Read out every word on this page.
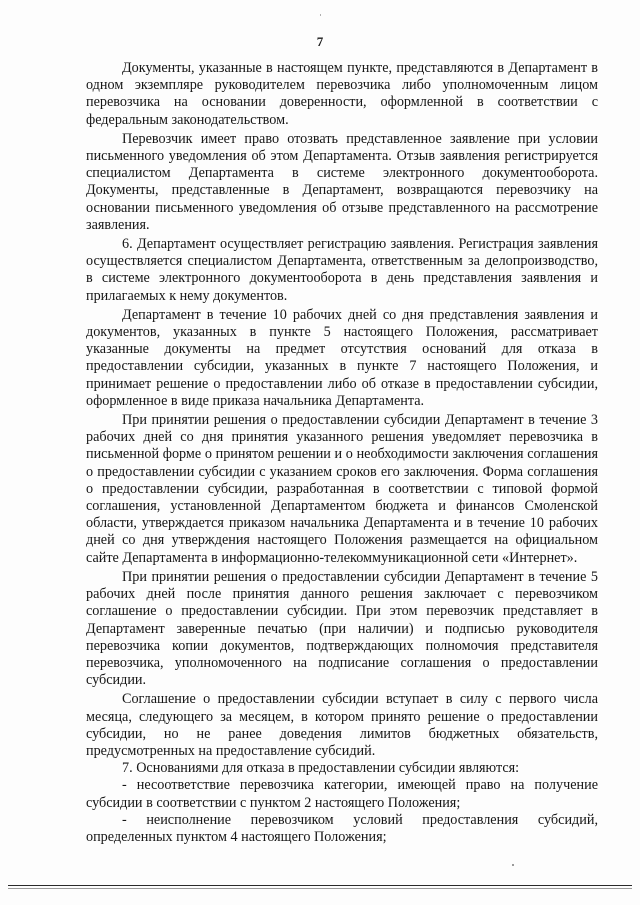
7

Документы, указанные в настоящем пункте, представляются в Департамент в одном экземпляре руководителем перевозчика либо уполномоченным лицом перевозчика на основании доверенности, оформленной в соответствии с федеральным законодательством.

Перевозчик имеет право отозвать представленное заявление при условии письменного уведомления об этом Департамента. Отзыв заявления регистрируется специалистом Департамента в системе электронного документооборота. Документы, представленные в Департамент, возвращаются перевозчику на основании письменного уведомления об отзыве представленного на рассмотрение заявления.

6. Департамент осуществляет регистрацию заявления. Регистрация заявления осуществляется специалистом Департамента, ответственным за делопроизводство, в системе электронного документооборота в день представления заявления и прилагаемых к нему документов.

Департамент в течение 10 рабочих дней со дня представления заявления и документов, указанных в пункте 5 настоящего Положения, рассматривает указанные документы на предмет отсутствия оснований для отказа в предоставлении субсидии, указанных в пункте 7 настоящего Положения, и принимает решение о предоставлении либо об отказе в предоставлении субсидии, оформленное в виде приказа начальника Департамента.

При принятии решения о предоставлении субсидии Департамент в течение 3 рабочих дней со дня принятия указанного решения уведомляет перевозчика в письменной форме о принятом решении и о необходимости заключения соглашения о предоставлении субсидии с указанием сроков его заключения. Форма соглашения о предоставлении субсидии, разработанная в соответствии с типовой формой соглашения, установленной Департаментом бюджета и финансов Смоленской области, утверждается приказом начальника Департамента и в течение 10 рабочих дней со дня утверждения настоящего Положения размещается на официальном сайте Департамента в информационно-телекоммуникационной сети «Интернет».

При принятии решения о предоставлении субсидии Департамент в течение 5 рабочих дней после принятия данного решения заключает с перевозчиком соглашение о предоставлении субсидии. При этом перевозчик представляет в Департамент заверенные печатью (при наличии) и подписью руководителя перевозчика копии документов, подтверждающих полномочия представителя перевозчика, уполномоченного на подписание соглашения о предоставлении субсидии.

Соглашение о предоставлении субсидии вступает в силу с первого числа месяца, следующего за месяцем, в котором принято решение о предоставлении субсидии, но не ранее доведения лимитов бюджетных обязательств, предусмотренных на предоставление субсидий.

7. Основаниями для отказа в предоставлении субсидии являются:

- несоответствие перевозчика категории, имеющей право на получение субсидии в соответствии с пунктом 2 настоящего Положения;

- неисполнение перевозчиком условий предоставления субсидий, определенных пунктом 4 настоящего Положения;
